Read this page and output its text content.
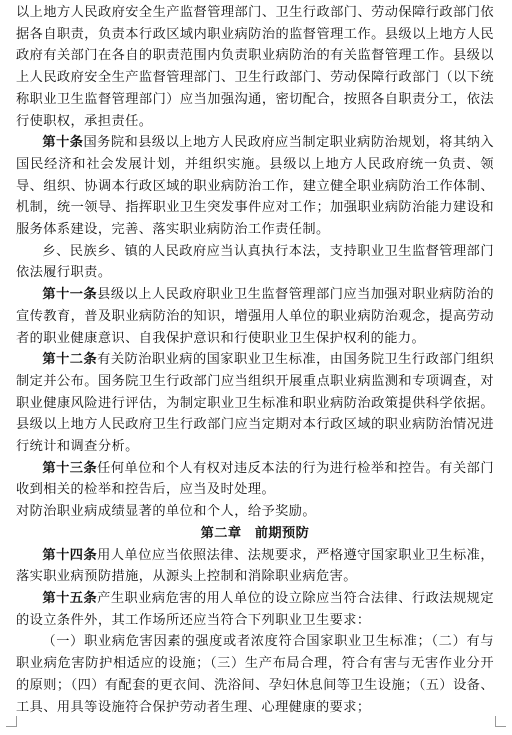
以上地方人民政府安全生产监督管理部门、卫生行政部门、劳动保障行政部门依据各自职责，负责本行政区域内职业病防治的监督管理工作。县级以上地方人民政府有关部门在各自的职责范围内负责职业病防治的有关监督管理工作。县级以上人民政府安全生产监督管理部门、卫生行政部门、劳动保障行政部门（以下统称职业卫生监督管理部门）应当加强沟通，密切配合，按照各自职责分工，依法行使职权，承担责任。

第十条国务院和县级以上地方人民政府应当制定职业病防治规划，将其纳入国民经济和社会发展计划，并组织实施。县级以上地方人民政府统一负责、领导、组织、协调本行政区域的职业病防治工作，建立健全职业病防治工作体制、机制，统一领导、指挥职业卫生突发事件应对工作；加强职业病防治能力建设和服务体系建设，完善、落实职业病防治工作责任制。

乡、民族乡、镇的人民政府应当认真执行本法，支持职业卫生监督管理部门依法履行职责。

第十一条县级以上人民政府职业卫生监督管理部门应当加强对职业病防治的宣传教育，普及职业病防治的知识，增强用人单位的职业病防治观念，提高劳动者的职业健康意识、自我保护意识和行使职业卫生保护权利的能力。

第十二条有关防治职业病的国家职业卫生标准，由国务院卫生行政部门组织制定并公布。国务院卫生行政部门应当组织开展重点职业病监测和专项调查，对职业健康风险进行评估，为制定职业卫生标准和职业病防治政策提供科学依据。县级以上地方人民政府卫生行政部门应当定期对本行政区域的职业病防治情况进行统计和调查分析。

第十三条任何单位和个人有权对违反本法的行为进行检举和控告。有关部门收到相关的检举和控告后，应当及时处理。

对防治职业病成绩显著的单位和个人，给予奖励。

第二章 前期预防

第十四条用人单位应当依照法律、法规要求，严格遵守国家职业卫生标准，落实职业病预防措施，从源头上控制和消除职业病危害。

第十五条产生职业病危害的用人单位的设立除应当符合法律、行政法规规定的设立条件外，其工作场所还应当符合下列职业卫生要求：

（一）职业病危害因素的强度或者浓度符合国家职业卫生标准；（二）有与职业病危害防护相适应的设施；（三）生产布局合理，符合有害与无害作业分开的原则；（四）有配套的更衣间、洗浴间、孕妇休息间等卫生设施；（五）设备、工具、用具等设施符合保护劳动者生理、心理健康的要求；
